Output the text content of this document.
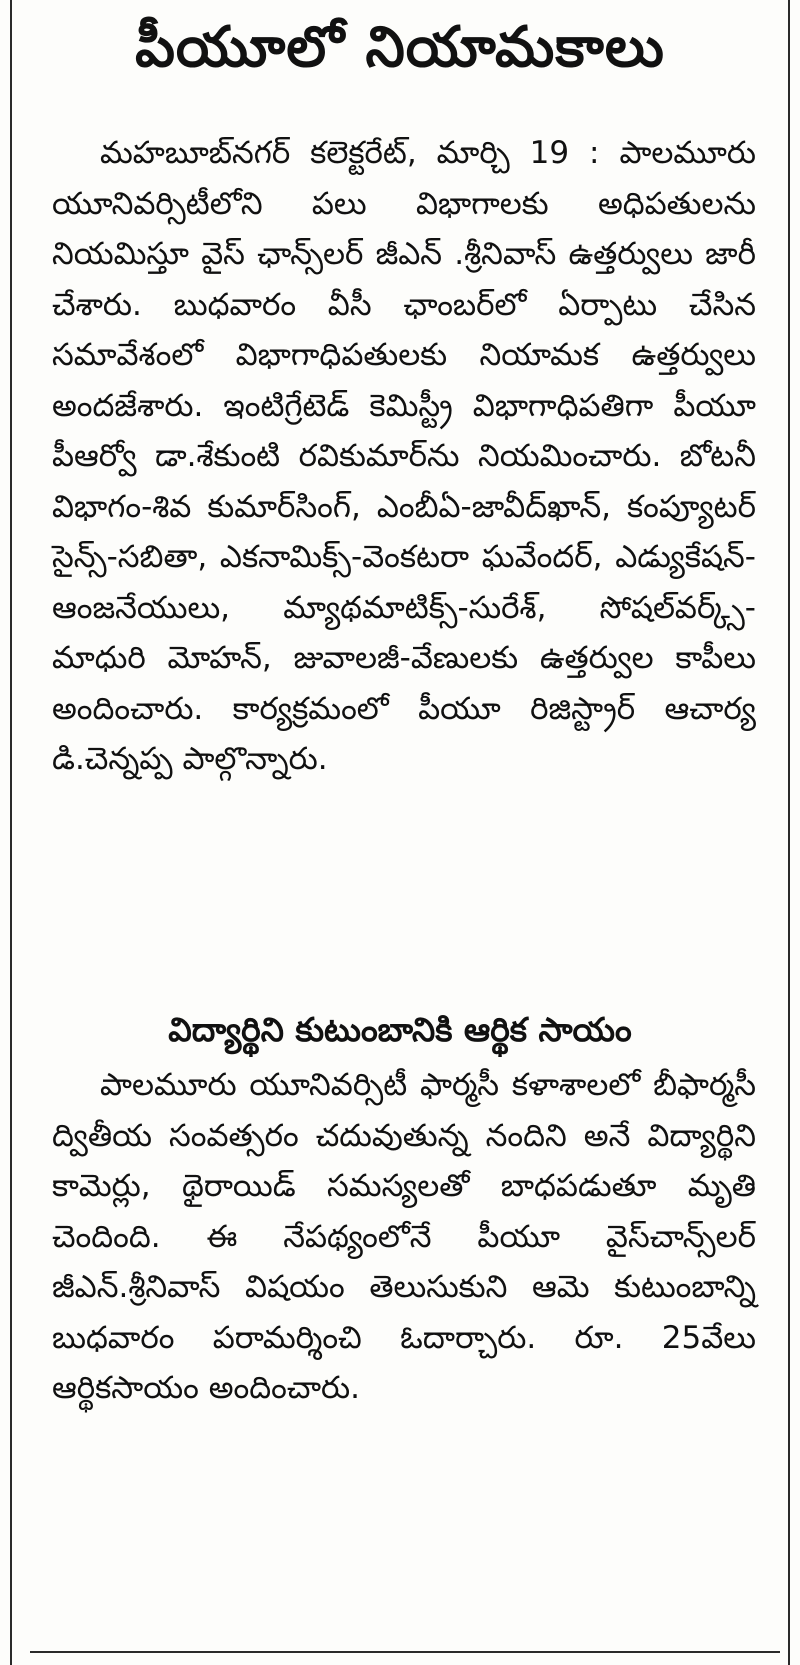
పీయూలో నియామకాలు

మహబూబ్‌నగర్ కలెక్టరేట్, మార్చి 19 : పాలమూరు యూనివర్సిటీలోని పలు విభాగాలకు అధిపతులను నియమిస్తూ వైస్ ఛాన్స్‌లర్ జీఎన్ .శ్రీనివాస్ ఉత్తర్వులు జారీ చేశారు. బుధవారం వీసీ ఛాంబర్‌లో ఏర్పాటు చేసిన సమావేశంలో విభాగాధిపతులకు నియామక ఉత్తర్వులు అందజేశారు. ఇంటిగ్రేటెడ్ కెమిస్ట్రీ విభాగాధిపతిగా పీయూ పీఆర్వో డా.శేకుంటి రవికుమార్‌ను నియమించారు. బోటనీ విభాగం-శివ కుమార్‌సింగ్, ఎంబీఏ-జావీద్‌ఖాన్, కంప్యూటర్ సైన్స్-సబితా, ఎకనామిక్స్-వెంకటరా ఘవేందర్, ఎడ్యుకేషన్-ఆంజనేయులు, మ్యాథమాటిక్స్-సురేశ్, సోషల్‌వర్క్స్-మాధురి మోహన్, జువాలజీ-వేణులకు ఉత్తర్వుల కాపీలు అందించారు. కార్యక్రమంలో పీయూ రిజిస్ట్రార్ ఆచార్య డి.చెన్నప్ప పాల్గొన్నారు.

విద్యార్థిని కుటుంబానికి ఆర్థిక సాయం

పాలమూరు యూనివర్సిటీ ఫార్మసీ కళాశాలలో బీఫార్మసీ ద్వితీయ సంవత్సరం చదువుతున్న నందిని అనే విద్యార్థిని కామెర్లు, థైరాయిడ్ సమస్యలతో బాధపడుతూ మృతి చెందింది. ఈ నేపథ్యంలోనే పీయూ వైస్‌చాన్స్‌లర్ జీఎన్.శ్రీనివాస్ విషయం తెలుసుకుని ఆమె కుటుంబాన్ని బుధవారం పరామర్శించి ఓదార్చారు. రూ. 25వేలు ఆర్థికసాయం అందించారు.
